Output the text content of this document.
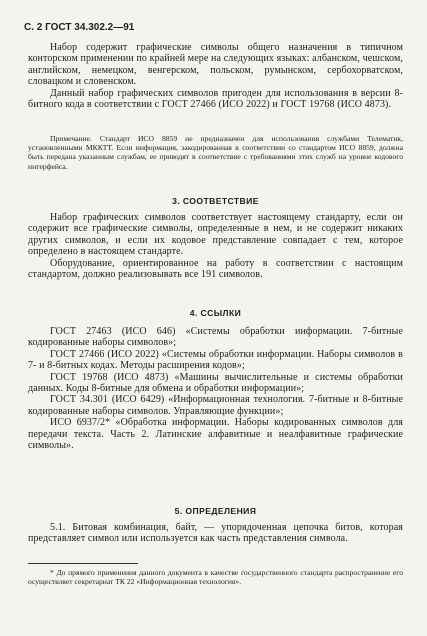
С. 2 ГОСТ 34.302.2—91

Набор содержит графические символы общего назначения в типичном конторском применении по крайней мере на следующих языках: албанском, чешском, английском, немецком, венгерском, польском, румынском, сербохорватском, словацком и словенском.

Данный набор графических символов пригоден для использования в версии 8-битного кода в соответствии с ГОСТ 27466 (ИСО 2022) и ГОСТ 19768 (ИСО 4873).

Примечание. Стандарт ИСО 8859 не предназначен для использования службами Телематик, установленными МККТТ. Если информация, закодированная в соответствии со стандартом ИСО 8859, должна быть передана указанным службам, ее приводят в соответствие с требованиями этих служб на уровне кодового интерфейса.

3. СООТВЕТСТВИЕ

Набор графических символов соответствует настоящему стандарту, если он содержит все графические символы, определенные в нем, и не содержит никаких других символов, и если их кодовое представление совпадает с тем, которое определено в настоящем стандарте.

Оборудование, ориентированное на работу в соответствии с настоящим стандартом, должно реализовывать все 191 символов.

4. ССЫЛКИ

ГОСТ 27463 (ИСО 646) «Системы обработки информации. 7-битные кодированные наборы символов»;

ГОСТ 27466 (ИСО 2022) «Системы обработки информации. Наборы символов в 7- и 8-битных кодах. Методы расширения кодов»;

ГОСТ 19768 (ИСО 4873) «Машины вычислительные и системы обработки данных. Коды 8-битные для обмена и обработки информации»;

ГОСТ 34.301 (ИСО 6429) «Информационная технология. 7-битные и 8-битные кодированные наборы символов. Управляющие функции»;

ИСО 6937/2* «Обработка информации. Наборы кодированных символов для передачи текста. Часть 2. Латинские алфавитные и неалфавитные графические символы».

5. ОПРЕДЕЛЕНИЯ

5.1. Битовая комбинация, байт, — упорядоченная цепочка битов, которая представляет символ или используется как часть представления символа.

* До прямого применения данного документа в качестве государственного стандарта распространение его осуществляет секретариат ТК 22 «Информационная технология».
